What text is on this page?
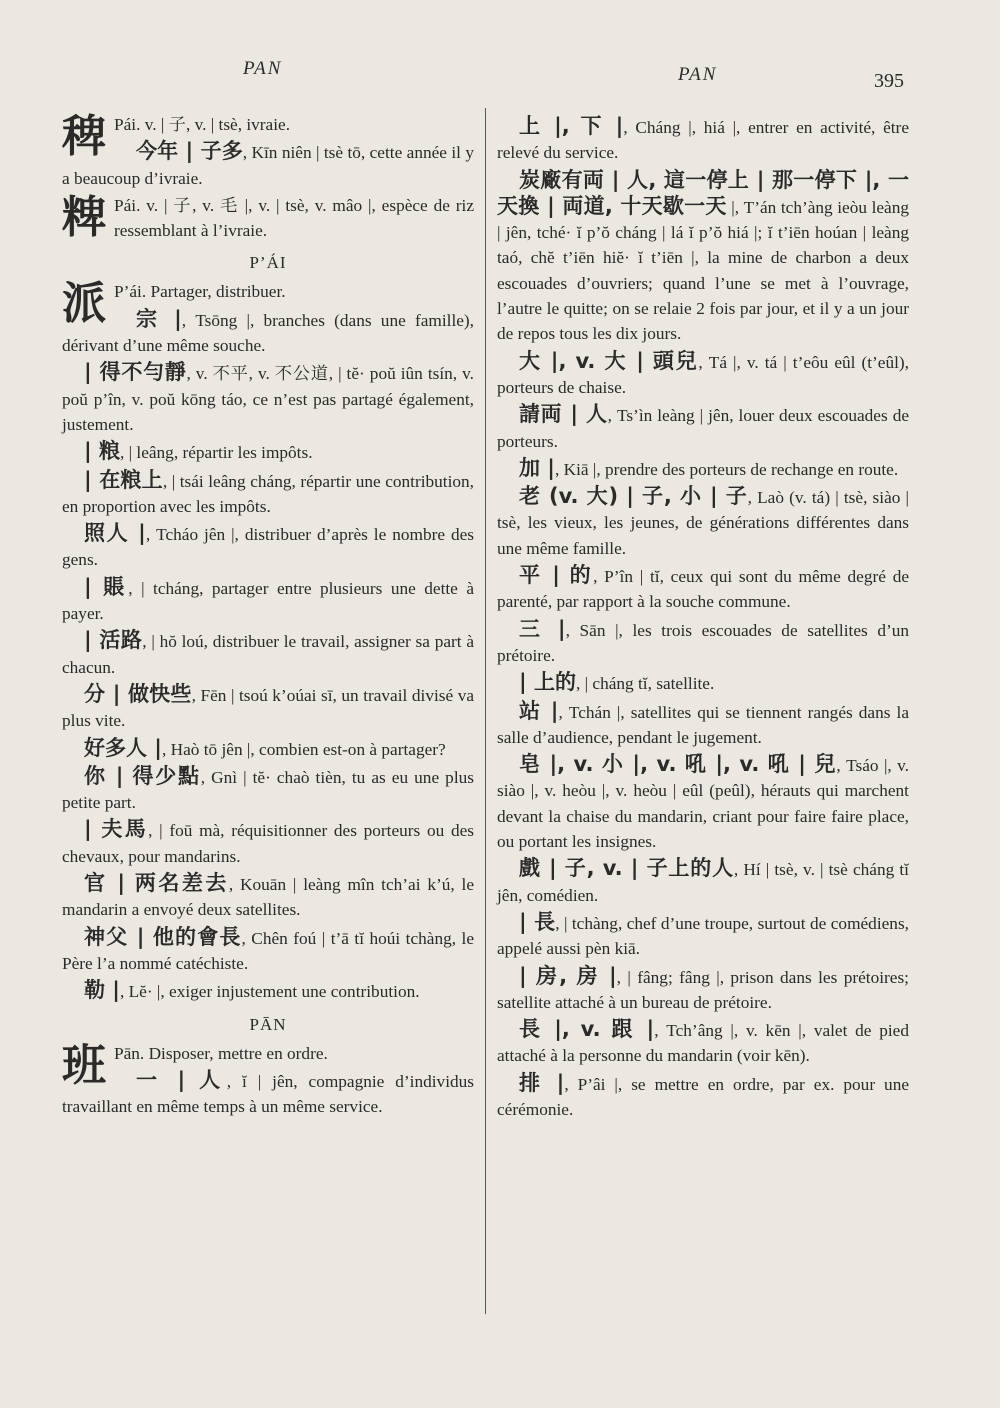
PAN	PAN	395
稗 Pái. v. | 子, v. | tsè, ivraie.
今年 | 子多, Kīn niên | tsè tō, cette année il y a beaucoup d’ivraie.
粺 Pái. v. | 子, v. 毛 |, v. | tsè, v. mâo |, espèce de riz ressemblant à l’ivraie.
P’ÁI
派 P’ái. Partager, distribuer.
宗 |, Tsōng |, branches (dans une famille), dérivant d’une même souche.
| 得不勻靜, v. 不平, v. 不公道, | tĕ· poŭ iûn tsín, v. poŭ p’în, v. poŭ kōng táo, ce n’est pas partagé également, justement.
| 粮, | leâng, répartir les impôts.
| 在粮上, | tsái leâng cháng, répartir une contribution, en proportion avec les impôts.
照人 |, Tcháo jên |, distribuer d’après le nombre des gens.
| 賬, | tcháng, partager entre plusieurs une dette à payer.
| 活路, | hŏ loú, distribuer le travail, assigner sa part à chacun.
分 | 做快些, Fēn | tsoú k’oúai sī, un travail divisé va plus vite.
好多人 |, Haò tō jên |, combien est-on à partager?
你 | 得少點, Gnì | tĕ· chaò tièn, tu as eu une plus petite part.
| 夫馬, | foū mà, réquisitionner des porteurs ou des chevaux, pour mandarins.
官 | 两名差去, Kouān | leàng mîn tch’ai k’ú, le mandarin a envoyé deux satellites.
神父 | 他的會長, Chên foú | t’ā tĭ hoúi tchàng, le Père l’a nommé catéchiste.
勒 |, Lĕ· |, exiger injustement une contribution.
PĀN
班 Pān. Disposer, mettre en ordre.
一 | 人, ĭ | jên, compagnie d’individus travaillant en même temps à un même service.
上 |, 下 |, Cháng |, hiá |, entrer en activité, être relevé du service.
炭廠有両 | 人, 這一停上 | 那一停下 |, 一天換 | 両道, 十天歇一天 |, T’án tch’àng ieòu leàng | jên, tché· ĭ p’ŏ cháng | lá ĭ p’ŏ hiá |; ĭ t’iēn hoúan | leàng taó, chĕ t’iēn hiĕ· ĭ t’iēn |, la mine de charbon a deux escouades d’ouvriers; quand l’une se met à l’ouvrage, l’autre le quitte; on se relaie 2 fois par jour, et il y a un jour de repos tous les dix jours.
大 |, v. 大 | 頭兒, Tá |, v. tá | t’eôu eûl (t’eûl), porteurs de chaise.
請両 | 人, Ts’ìn leàng | jên, louer deux escouades de porteurs.
加 |, Kiā |, prendre des porteurs de rechange en route.
老 (v. 大) | 子, 小 | 子, Laò (v. tá) | tsè, siào | tsè, les vieux, les jeunes, de générations différentes dans une même famille.
平 | 的, P’în | tĭ, ceux qui sont du même degré de parenté, par rapport à la souche commune.
三 |, Sān |, les trois escouades de satellites d’un prétoire.
| 上的, | cháng tĭ, satellite.
站 |, Tchán |, satellites qui se tiennent rangés dans la salle d’audience, pendant le jugement.
皂 |, v. 小 |, v. 吼 |, v. 吼 | 兒, Tsáo |, v. siào |, v. heòu |, v. heòu | eûl (peûl), hérauts qui marchent devant la chaise du mandarin, criant pour faire faire place, ou portant les insignes.
戲 | 子, v. | 子上的人, Hí | tsè, v. | tsè cháng tĭ jên, comédien.
| 長, | tchàng, chef d’une troupe, surtout de comédiens, appelé aussi pèn kiā.
| 房, 房 |, | fâng; fâng |, prison dans les prétoires; satellite attaché à un bureau de prétoire.
長 |, v. 跟 |, Tch’âng |, v. kēn |, valet de pied attaché à la personne du mandarin (voir kēn).
排 |, P’âi |, se mettre en ordre, par ex. pour une cérémonie.
